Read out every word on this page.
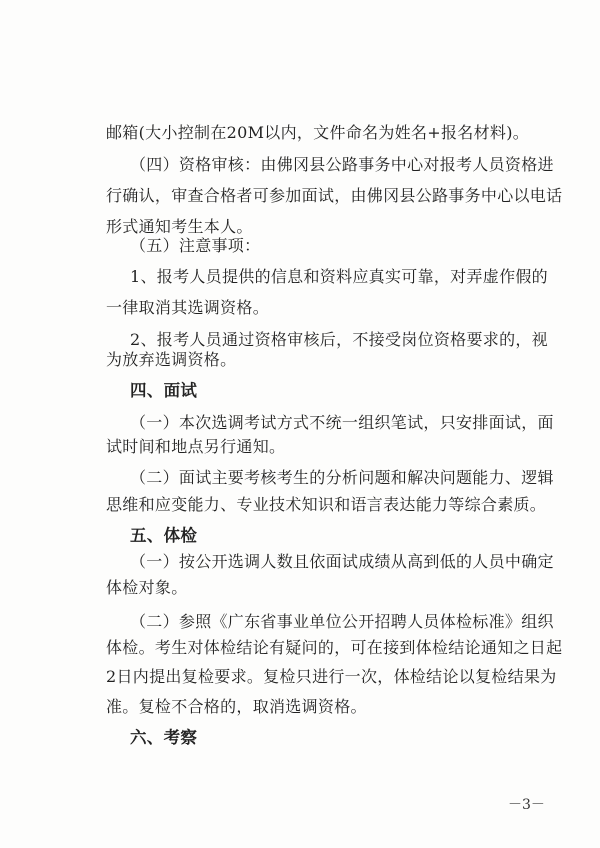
邮箱(大小控制在20M以内，文件命名为姓名+报名材料)。
（四）资格审核：由佛冈县公路事务中心对报考人员资格进
行确认，审查合格者可参加面试，由佛冈县公路事务中心以电话
形式通知考生本人。
（五）注意事项：
1、报考人员提供的信息和资料应真实可靠，对弄虚作假的
一律取消其选调资格。
2、报考人员通过资格审核后，不接受岗位资格要求的，视
为放弃选调资格。
四、面试
（一）本次选调考试方式不统一组织笔试，只安排面试，面
试时间和地点另行通知。
（二）面试主要考核考生的分析问题和解决问题能力、逻辑
思维和应变能力、专业技术知识和语言表达能力等综合素质。
五、体检
（一）按公开选调人数且依面试成绩从高到低的人员中确定
体检对象。
（二）参照《广东省事业单位公开招聘人员体检标准》组织
体检。考生对体检结论有疑问的，可在接到体检结论通知之日起
2日内提出复检要求。复检只进行一次，体检结论以复检结果为
准。复检不合格的，取消选调资格。
六、考察
－3－
